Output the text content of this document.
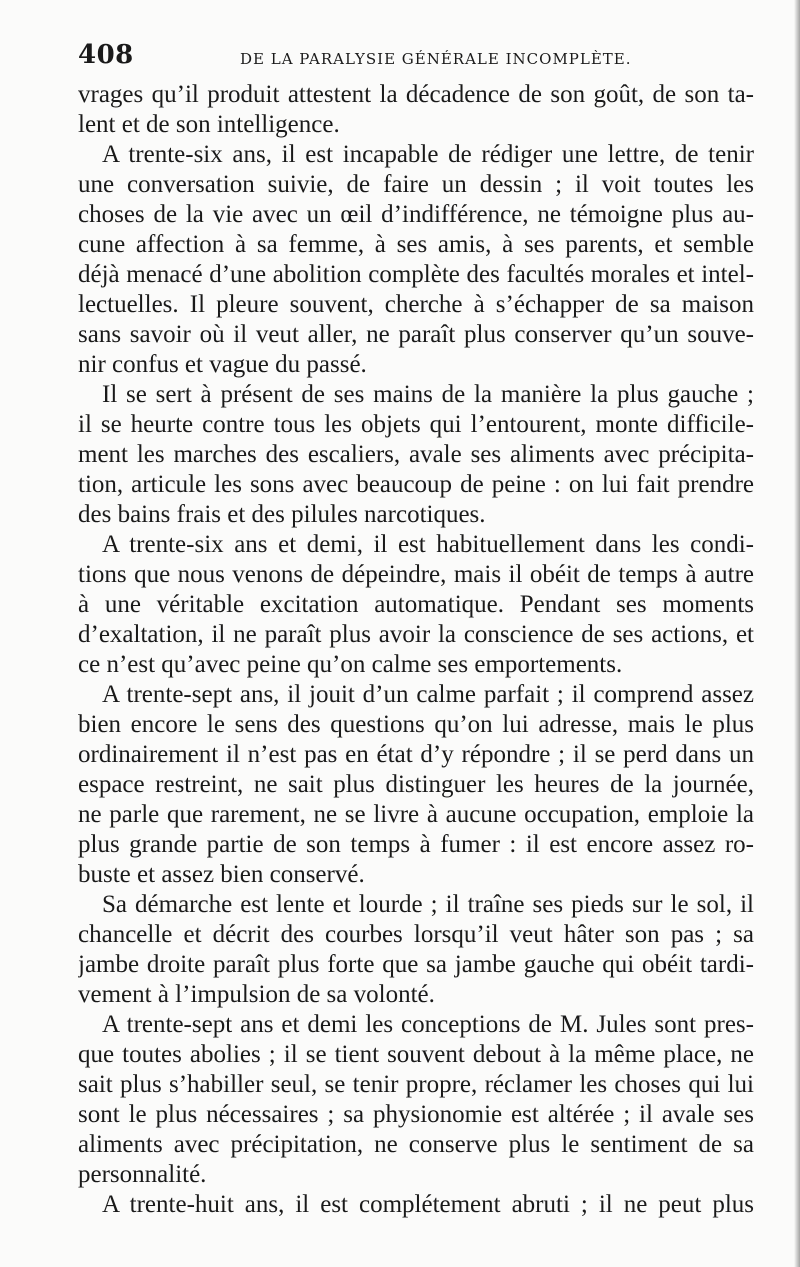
408	DE LA PARALYSIE GÉNÉRALE INCOMPLÈTE.
vrages qu’il produit attestent la décadence de son goût, de son ta-
lent et de son intelligence.
A trente-six ans, il est incapable de rédiger une lettre, de tenir
une conversation suivie, de faire un dessin ; il voit toutes les
choses de la vie avec un œil d’indifférence, ne témoigne plus au-
cune affection à sa femme, à ses amis, à ses parents, et semble
déjà menacé d’une abolition complète des facultés morales et intel-
lectuelles. Il pleure souvent, cherche à s’échapper de sa maison
sans savoir où il veut aller, ne paraît plus conserver qu’un souve-
nir confus et vague du passé.
Il se sert à présent de ses mains de la manière la plus gauche ;
il se heurte contre tous les objets qui l’entourent, monte difficile-
ment les marches des escaliers, avale ses aliments avec précipita-
tion, articule les sons avec beaucoup de peine : on lui fait prendre
des bains frais et des pilules narcotiques.
A trente-six ans et demi, il est habituellement dans les condi-
tions que nous venons de dépeindre, mais il obéit de temps à autre
à une véritable excitation automatique. Pendant ses moments
d’exaltation, il ne paraît plus avoir la conscience de ses actions, et
ce n’est qu’avec peine qu’on calme ses emportements.
A trente-sept ans, il jouit d’un calme parfait ; il comprend assez
bien encore le sens des questions qu’on lui adresse, mais le plus
ordinairement il n’est pas en état d’y répondre ; il se perd dans un
espace restreint, ne sait plus distinguer les heures de la journée,
ne parle que rarement, ne se livre à aucune occupation, emploie la
plus grande partie de son temps à fumer : il est encore assez ro-
buste et assez bien conservé.
Sa démarche est lente et lourde ; il traîne ses pieds sur le sol, il
chancelle et décrit des courbes lorsqu’il veut hâter son pas ; sa
jambe droite paraît plus forte que sa jambe gauche qui obéit tardi-
vement à l’impulsion de sa volonté.
A trente-sept ans et demi les conceptions de M. Jules sont pres-
que toutes abolies ; il se tient souvent debout à la même place, ne
sait plus s’habiller seul, se tenir propre, réclamer les choses qui lui
sont le plus nécessaires ; sa physionomie est altérée ; il avale ses
aliments avec précipitation, ne conserve plus le sentiment de sa
personnalité.
A trente-huit ans, il est complétement abruti ; il ne peut plus
